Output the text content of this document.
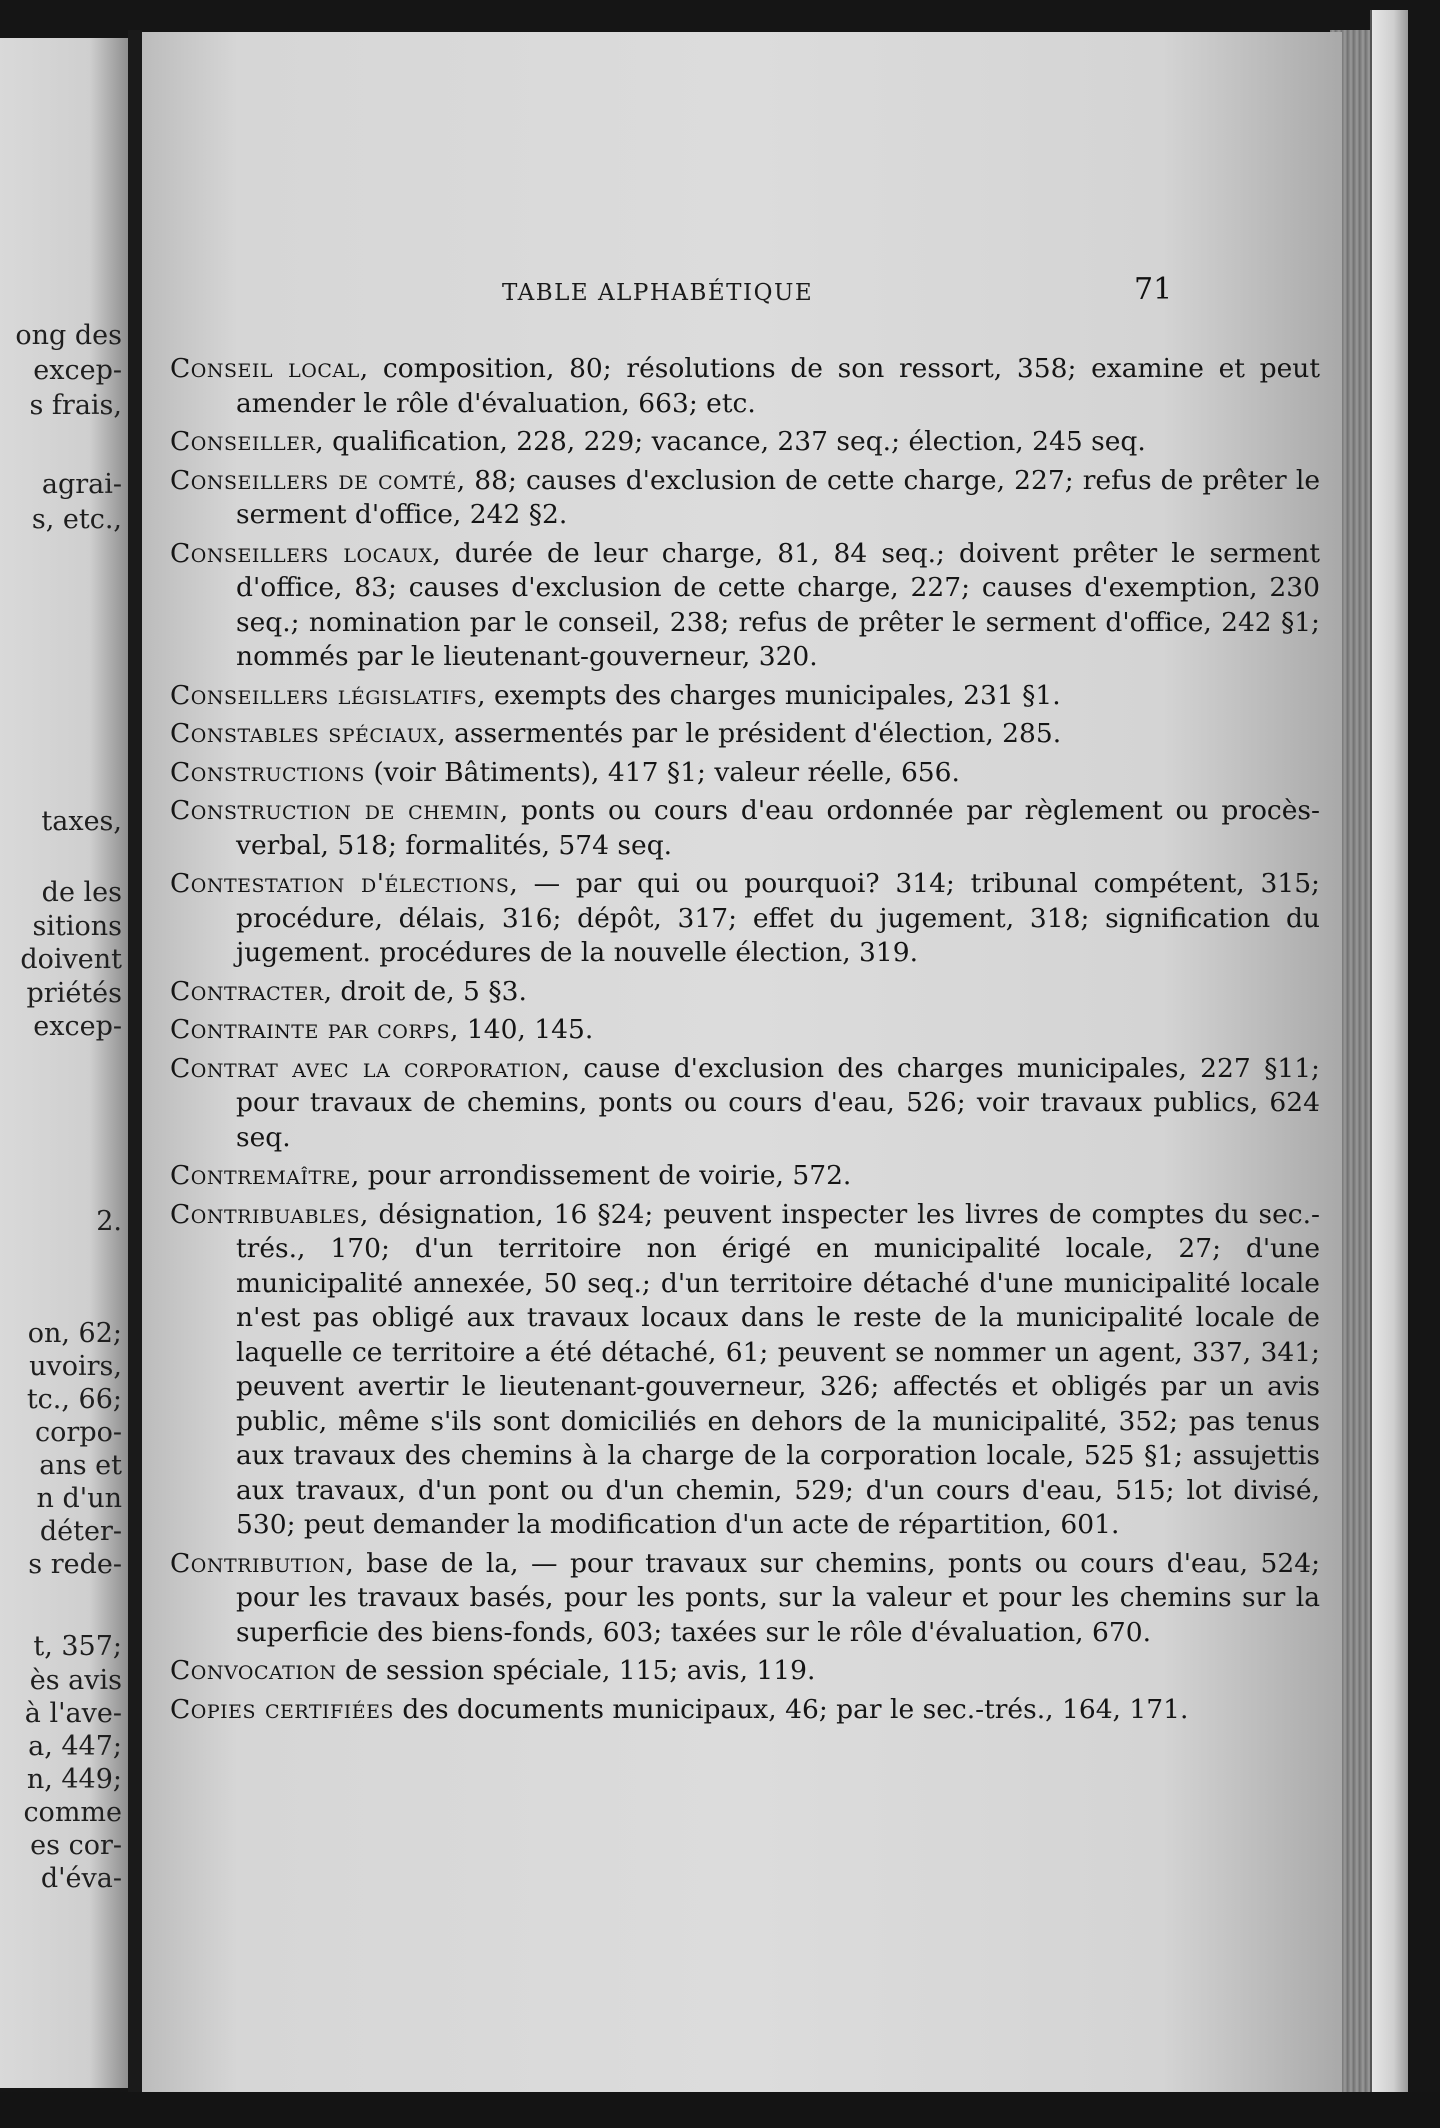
ong des
excep-
s frais,
agrai-
s, etc.,
taxes,
de les
sitions
doivent
priétés
excep-
2.
on, 62;
uvoirs,
tc., 66;
corpo-
ans et
n d'un
déter-
s rede-
t, 357;
ès avis
à l'ave-
a, 447;
n, 449;
comme
es cor-
d'éva-
TABLE ALPHABÉTIQUE	71

Conseil local, composition, 80; résolutions de son ressort, 358; examine et peut amender le rôle d'évaluation, 663; etc.

Conseiller, qualification, 228, 229; vacance, 237 seq.; élection, 245 seq.

Conseillers de comté, 88; causes d'exclusion de cette charge, 227; refus de prêter le serment d'office, 242 §2.

Conseillers locaux, durée de leur charge, 81, 84 seq.; doivent prêter le serment d'office, 83; causes d'exclusion de cette charge, 227; causes d'exemption, 230 seq.; nomination par le conseil, 238; refus de prêter le serment d'office, 242 §1; nommés par le lieutenant-gouverneur, 320.

Conseillers législatifs, exempts des charges municipales, 231 §1.

Constables spéciaux, assermentés par le président d'élection, 285.

Constructions (voir Bâtiments), 417 §1; valeur réelle, 656.

Construction de chemin, ponts ou cours d'eau ordonnée par règlement ou procès-verbal, 518; formalités, 574 seq.

Contestation d'élections, — par qui ou pourquoi? 314; tribunal compétent, 315; procédure, délais, 316; dépôt, 317; effet du jugement, 318; signification du jugement. procédures de la nouvelle élection, 319.

Contracter, droit de, 5 §3.

Contrainte par corps, 140, 145.

Contrat avec la corporation, cause d'exclusion des charges municipales, 227 §11; pour travaux de chemins, ponts ou cours d'eau, 526; voir travaux publics, 624 seq.

Contremaître, pour arrondissement de voirie, 572.

Contribuables, désignation, 16 §24; peuvent inspecter les livres de comptes du sec.-trés., 170; d'un territoire non érigé en municipalité locale, 27; d'une municipalité annexée, 50 seq.; d'un territoire détaché d'une municipalité locale n'est pas obligé aux travaux locaux dans le reste de la municipalité locale de laquelle ce territoire a été détaché, 61; peuvent se nommer un agent, 337, 341; peuvent avertir le lieutenant-gouverneur, 326; affectés et obligés par un avis public, même s'ils sont domiciliés en dehors de la municipalité, 352; pas tenus aux travaux des chemins à la charge de la corporation locale, 525 §1; assujettis aux travaux, d'un pont ou d'un chemin, 529; d'un cours d'eau, 515; lot divisé, 530; peut demander la modification d'un acte de répartition, 601.

Contribution, base de la, — pour travaux sur chemins, ponts ou cours d'eau, 524; pour les travaux basés, pour les ponts, sur la valeur et pour les chemins sur la superficie des biens-fonds, 603; taxées sur le rôle d'évaluation, 670.

Convocation de session spéciale, 115; avis, 119.

Copies certifiées des documents municipaux, 46; par le sec.-trés., 164, 171.
